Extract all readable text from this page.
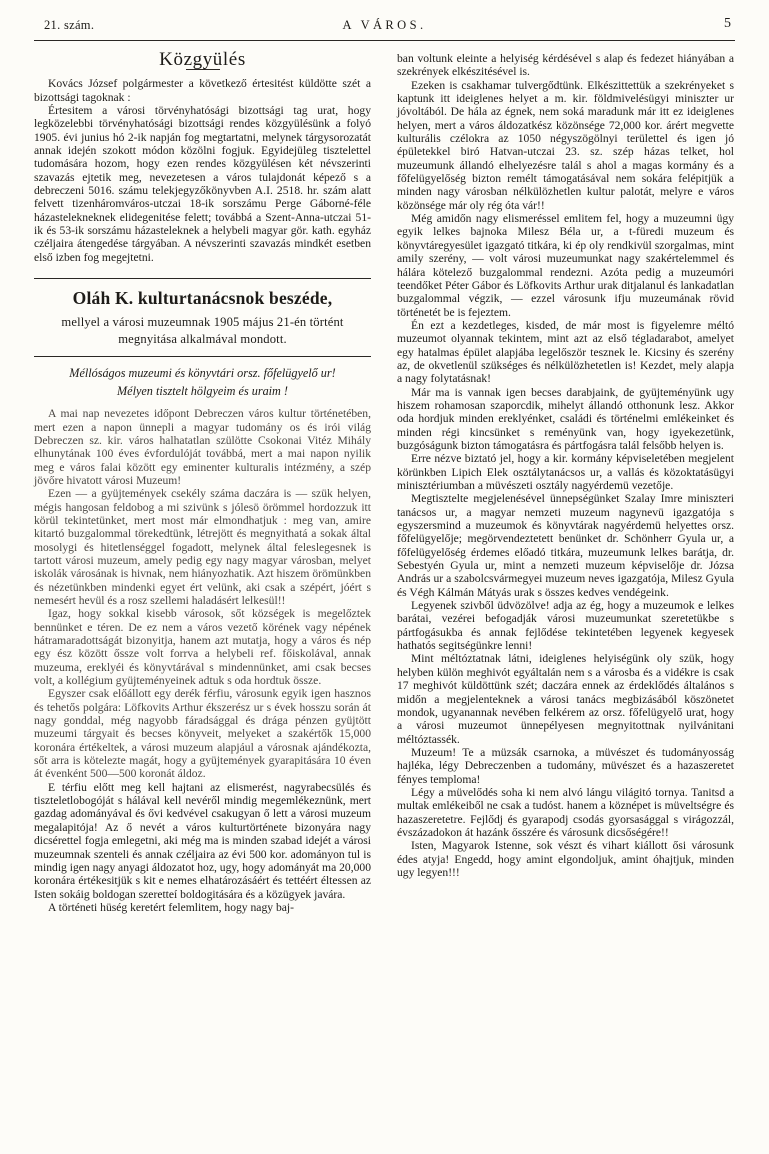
21. szám.	A VÁROS.	5
Közgyülés

Kovács József polgármester a következő értesitést küldötte szét a bizottsági tagoknak :

Értesitem a városi törvényhatósági bizottsági tag urat, hogy legközelebbi törvényhatósági bizottsági rendes közgyülésünk a folyó 1905. évi junius hó 2-ik napján fog megtartatni, melynek tárgysorozatát annak idején szokott módon közölni fogjuk. Egyidejüleg tisztelettel tudomására hozom, hogy ezen rendes közgyülésen két névszerinti szavazás ejtetik meg, nevezetesen a város tulajdonát képező s a debreczeni 5016. számu telekjegyzőkönyvben A.I. 2518. hr. szám alatt felvett tizenháromváros-utczai 18-ik sorszámu Perge Gáborné-féle házastelekneknek elidegenitése felett; továbbá a Szent-Anna-utczai 51-ik és 53-ik sorszámu házasteleknek a helybeli magyar gör. kath. egyház czéljaira átengedése tárgyában. A névszerinti szavazás mindkét esetben első izben fog megejtetni.

Oláh K. kulturtanácsnok beszéde,
mellyel a városi muzeumnak 1905 május 21-én történt
megnyitása alkalmával mondott.
Méllóságos muzeumi és könyvtári orsz. főfelügyelő ur!
Mélyen tisztelt hölgyeim és uraim !

A mai nap nevezetes időpont Debreczen város kultur történetében, mert ezen a napon ünnepli a magyar tudomány os és irói világ Debreczen sz. kir. város halhatatlan szülötte Csokonai Vitéz Mihály elhunytának 100 éves évfordulóját továbbá, mert a mai napon nyilik meg e város falai között egy eminenter kulturalis intézmény, a szép jövőre hivatott városi Muzeum!

Ezen — a gyüjtemények csekély száma daczára is — szük helyen, mégis hangosan feldobog a mi szivünk s jólesö örömmel hordozzuk itt körül tekintetünket, mert most már elmondhatjuk : meg van, amire kitartó buzgalommal törekedtünk, létrejött és megnyithatá a sokak által mosolygi és hitetlenséggel fogadott, melynek által feleslegesnek is tartott városi muzeum, amely pedig egy nagy magyar városban, melyet iskolák városának is hivnak, nem hiányozhatik. Azt hiszem örömünkben és nézetünkben mindenki egyet ért velünk, aki csak a szépért, jóért s nemesért hevül és a rosz szellemi haladásért lelkesül!!

Igaz, hogy sokkal kisebb városok, sőt községek is megelőztek bennünket e téren. De ez nem a város vezető körének vagy népének hátramaradottságát bizonyitja, hanem azt mutatja, hogy a város és nép egy ész között őssze volt forrva a helybeli ref. főiskolával, annak muzeuma, ereklyéi és könyvtárával s mindennünket, ami csak becses volt, a kollégium gyüjteményeinek adtuk s oda hordtuk össze.

Egyszer csak előállott egy derék férfiu, városunk egyik igen hasznos és tehetős polgára: Löfkovits Arthur ékszerész ur s évek hosszu során át nagy gonddal, még nagyobb fáradsággal és drága pénzen gyüjtött muzeumi tárgyait és becses könyveit, melyeket a szakértők 15,000 koronára értékeltek, a városi muzeum alapjául a városnak ajándékozta, sőt arra is kötelezte magát, hogy a gyüjtemények gyarapitására 10 éven át évenként 500—500 koronát áldoz.

E térfiu előtt meg kell hajtani az elismerést, nagyrabecsülés és tiszteletlobogóját s hálával kell nevéről mindig megemlékeznünk, mert gazdag adományával és ővi kedvével csakugyan ő lett a városi muzeum megalapitója! Az ő nevét a város kulturtörténete bizonyára nagy dicsérettel fogja emlegetni, aki még ma is minden szabad idejét a városi muzeumnak szenteli és annak czéljaira az évi 500 kor. adományon tul is mindig igen nagy anyagi áldozatot hoz, ugy, hogy adományát ma 20,000 koronára értékesitjük s kit e nemes elhatározásáért és tettéért éltessen az Isten sokáig boldogan szeretteí boldogitására és a közügyek javára.

A történeti hüség keretért felemlitem, hogy nagy baj-

ban voltunk eleinte a helyiség kérdésével s alap és fedezet hiányában a szekrények elkészitésével is.

Ezeken is csakhamar tulvergődtünk. Elkészittettük a szekrényeket s kaptunk itt ideiglenes helyet a m. kir. földmivelésügyi miniszter ur jóvoltából. De hála az égnek, nem soká maradunk már itt ez ideiglenes helyen, mert a város áldozatkész közönsége 72,000 kor. árért megvette kulturális czélokra az 1050 négyszögölnyi területtel és igen jó épületekkel biró Hatvan-utczai 23. sz. szép házas telket, hol muzeumunk állandó elhelyezésre talál s ahol a magas kormány és a főfelügyelőség bizton remélt támogatásával nem sokára felépitjük a minden nagy városban nélkülözhetlen kultur palotát, melyre e város közönsége már oly rég óta vár!!

Még amidőn nagy elismeréssel emlitem fel, hogy a muzeumni ügy egyik lelkes bajnoka Milesz Béla ur, a t-füredi muzeum és könyvtáregyesület igazgató titkára, ki ép oly rendkivül szorgalmas, mint amily szerény, — volt városi muzeumunkat nagy szakértelemmel és hálára kötelező buzgalommal rendezni. Azóta pedig a muzeumóri teendőket Péter Gábor és Löfkovits Arthur urak ditjalanul és lankadatlan buzgalommal végzik, — ezzel városunk ifju muzeumának rövid történetét be is fejeztem.

Én ezt a kezdetleges, kisded, de már most is figyelemre méltó muzeumot olyannak tekintem, mint azt az első tégladarabot, amelyet egy hatalmas épület alapjába legelőször tesznek le. Kicsiny és szerény az, de okvetlenül szükséges és nélkülözhetetlen is! Kezdet, mely alapja a nagy folytatásnak!

Már ma is vannak igen becses darabjaink, de gyüjteményünk ugy hiszem rohamosan szaporcdik, mihelyt állandó otthonunk lesz. Akkor oda hordjuk minden ereklyénket, családi és történelmi emlékeinket és minden régi kincsünket s reményünk van, hogy igyekezetünk, buzgóságunk bizton támogatásra és pártfogásra talál felsőbb helyen is.

Erre nézve biztató jel, hogy a kir. kormány képviseletében megjelent körünkben Lipich Elek osztálytanácsos ur, a vallás és közoktatásügyi minisztériumban a müvészeti osztály nagyérdemü vezetője.

Megtisztelte megjelenésével ünnepségünket Szalay Imre miniszteri tanácsos ur, a magyar nemzeti muzeum nagynevü igazgatója s egyszersmind a muzeumok és könyvtárak nagyérdemü helyettes orsz. főfelügyelője; megörvendeztetett benünket dr. Schönherr Gyula ur, a főfelügyelőség érdemes előadó titkára, muzeumunk lelkes barátja, dr. Sebestyén Gyula ur, mint a nemzeti muzeum képviselője dr. Józsa András ur a szabolcsvármegyei muzeum neves igazgatója, Milesz Gyula és Végh Kálmán Mátyás urak s összes kedves vendégeink.

Legyenek szivből üdvözölve! adja az ég, hogy a muzeumok e lelkes barátai, vezérei befogadják városi muzeumunkat szeretetükbe s pártfogásukba és annak fejlődése tekintetében legyenek kegyesek hathatós segitségünkre lenni!

Mint méltóztatnak látni, ideiglenes helyiségünk oly szük, hogy helyben külön meghivót egyáltalán nem s a városba és a vidékre is csak 17 meghivót küldöttünk szét; daczára ennek az érdeklődés általános s midőn a megjelenteknek a városi tanács megbizásából köszönetet mondok, ugyanannak nevében felkérem az orsz. főfelügyelő urat, hogy a városi muzeumot ünnepélyesen megnyitottnak nyilvánitani méltóztassék.

Muzeum! Te a müzsák csarnoka, a müvészet és tudományosság hajléka, légy Debreczenben a tudomány, müvészet és a hazaszeretet fényes temploma!

Légy a müvelődés soha ki nem alvó lángu világitó tornya. Tanitsd a multak emlékeiből ne csak a tudóst. hanem a köznépet is müveltségre és hazaszeretetre. Fejlődj és gyarapodj csodás gyorsasággal s virágozzál, évszázadokon át hazánk ősszére és városunk dicsőségére!!

Isten, Magyarok Istenne, sok vészt és vihart kiállott ősi városunk édes atyja! Engedd, hogy amint elgondoljuk, amint óhajtjuk, minden ugy legyen!!!
